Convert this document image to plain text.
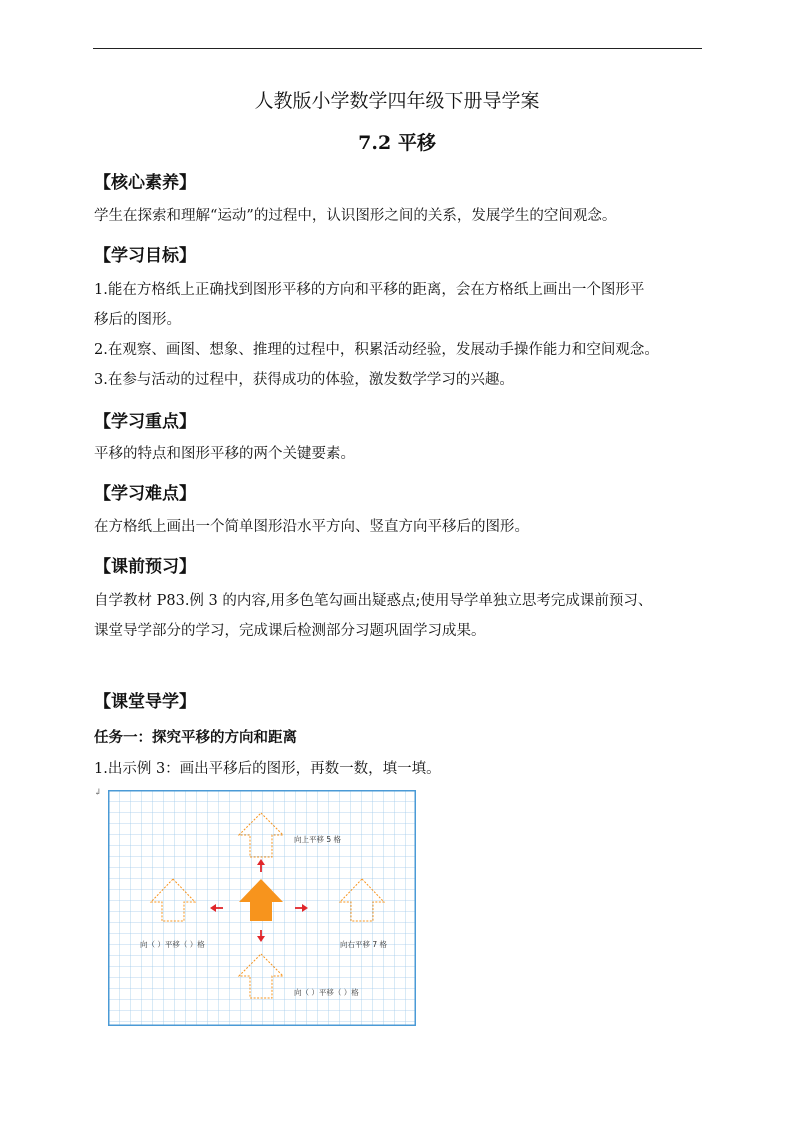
人教版小学数学四年级下册导学案
7.2 平移
【核心素养】
学生在探索和理解“运动”的过程中，认识图形之间的关系，发展学生的空间观念。
【学习目标】
1.能在方格纸上正确找到图形平移的方向和平移的距离，会在方格纸上画出一个图形平
移后的图形。
2.在观察、画图、想象、推理的过程中，积累活动经验，发展动手操作能力和空间观念。
3.在参与活动的过程中，获得成功的体验，激发数学学习的兴趣。
【学习重点】
平移的特点和图形平移的两个关键要素。
【学习难点】
在方格纸上画出一个简单图形沿水平方向、竖直方向平移后的图形。
【课前预习】
自学教材 P83.例 3 的内容,用多色笔勾画出疑惑点;使用导学单独立思考完成课前预习、
课堂导学部分的学习，完成课后检测部分习题巩固学习成果。
【课堂导学】
任务一：探究平移的方向和距离
1.出示例 3：画出平移后的图形，再数一数，填一填。
↲
向上平移 5 格
向（ ）平移（ ）格	向右平移 7 格
向（ ）平移（ ）格
